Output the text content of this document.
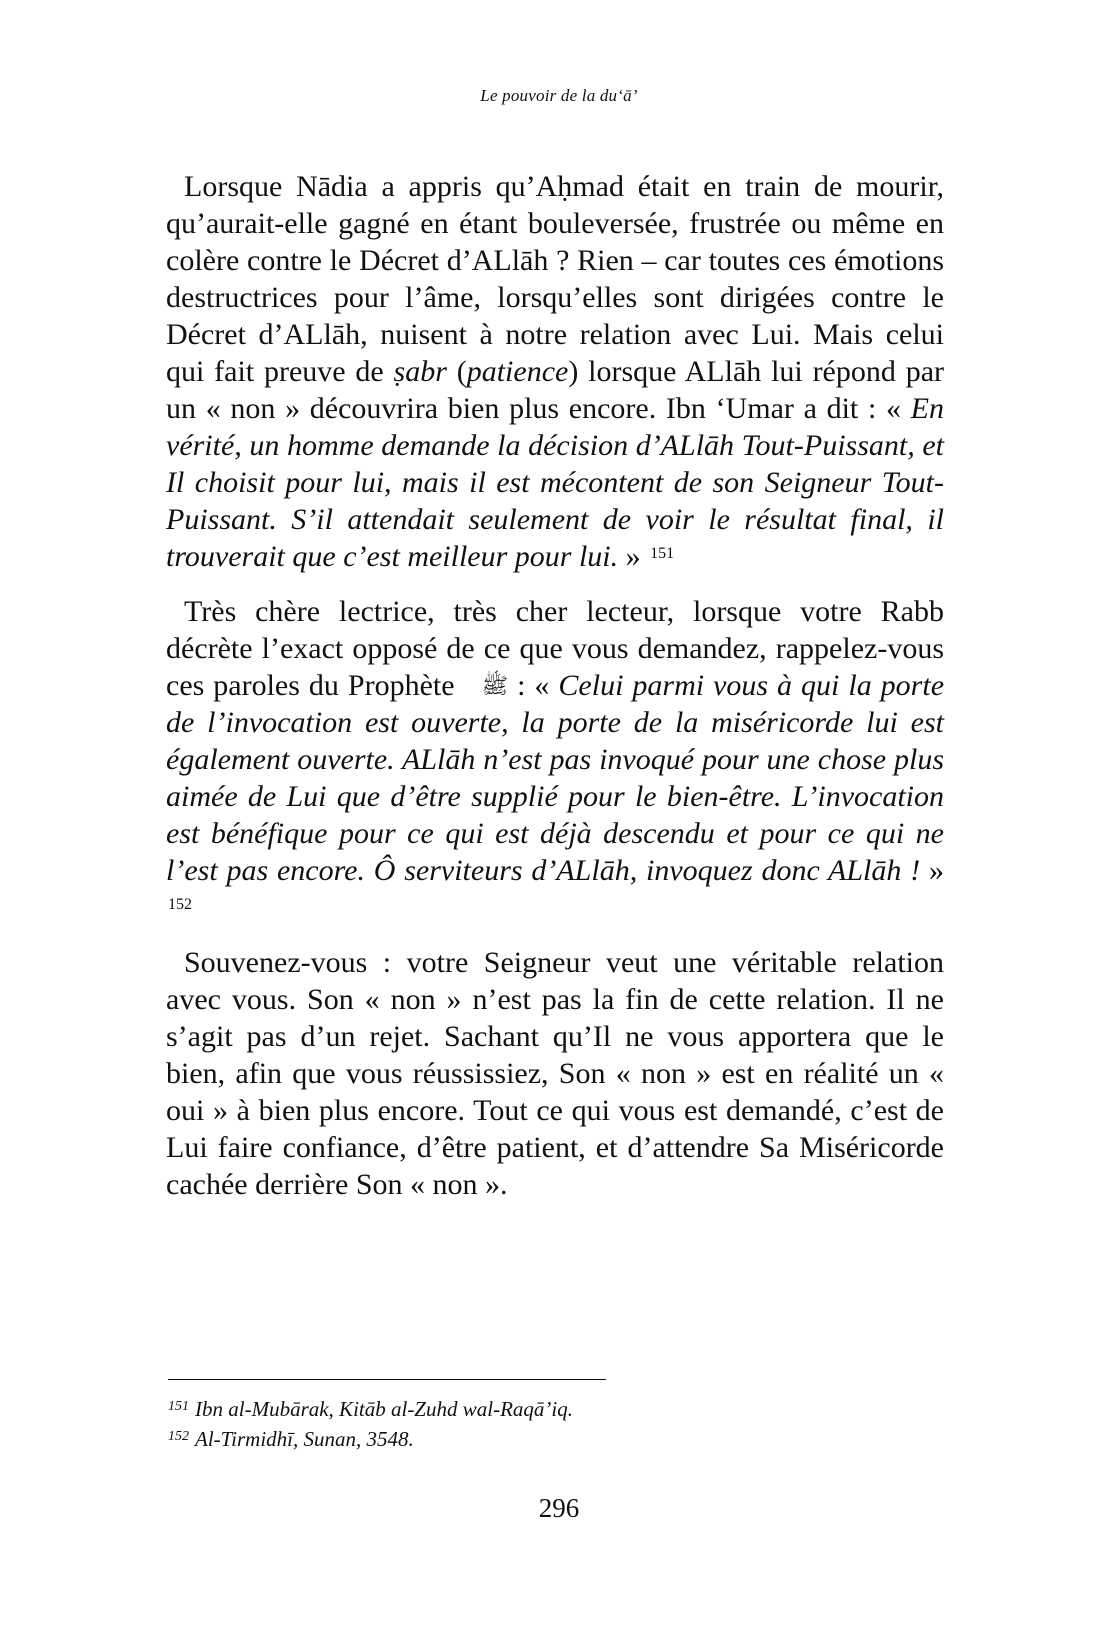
Le pouvoir de la du‘ā’

Lorsque Nādia a appris qu’Aḥmad était en train de mourir, qu’aurait-elle gagné en étant bouleversée, frustrée ou même en colère contre le Décret d’ALlāh ? Rien – car toutes ces émotions destructrices pour l’âme, lorsqu’elles sont dirigées contre le Décret d’ALlāh, nuisent à notre relation avec Lui. Mais celui qui fait preuve de ṣabr (patience) lorsque ALlāh lui répond par un « non » découvrira bien plus encore. Ibn ‘Umar a dit : « En vérité, un homme demande la décision d’ALlāh Tout-Puissant, et Il choisit pour lui, mais il est mécontent de son Seigneur Tout-Puissant. S’il attendait seulement de voir le résultat final, il trouverait que c’est meilleur pour lui. » $^{151}$

Très chère lectrice, très cher lecteur, lorsque votre Rabb décrète l’exact opposé de ce que vous demandez, rappelez-vous ces paroles du Prophète ﷺ : « Celui parmi vous à qui la porte de l’invocation est ouverte, la porte de la miséricorde lui est également ouverte. ALlāh n’est pas invoqué pour une chose plus aimée de Lui que d’être supplié pour le bien-être. L’invocation est bénéfique pour ce qui est déjà descendu et pour ce qui ne l’est pas encore. Ô serviteurs d’ALlāh, invoquez donc ALlāh ! » $^{152}$

Souvenez-vous : votre Seigneur veut une véritable relation avec vous. Son « non » n’est pas la fin de cette relation. Il ne s’agit pas d’un rejet. Sachant qu’Il ne vous apportera que le bien, afin que vous réussissiez, Son « non » est en réalité un « oui » à bien plus encore. Tout ce qui vous est demandé, c’est de Lui faire confiance, d’être patient, et d’attendre Sa Miséricorde cachée derrière Son « non ».

$^{151}$ Ibn al-Mubārak, Kitāb al-Zuhd wal-Raqā’iq.

$^{152}$ Al-Tirmidhī, Sunan, 3548.

296
